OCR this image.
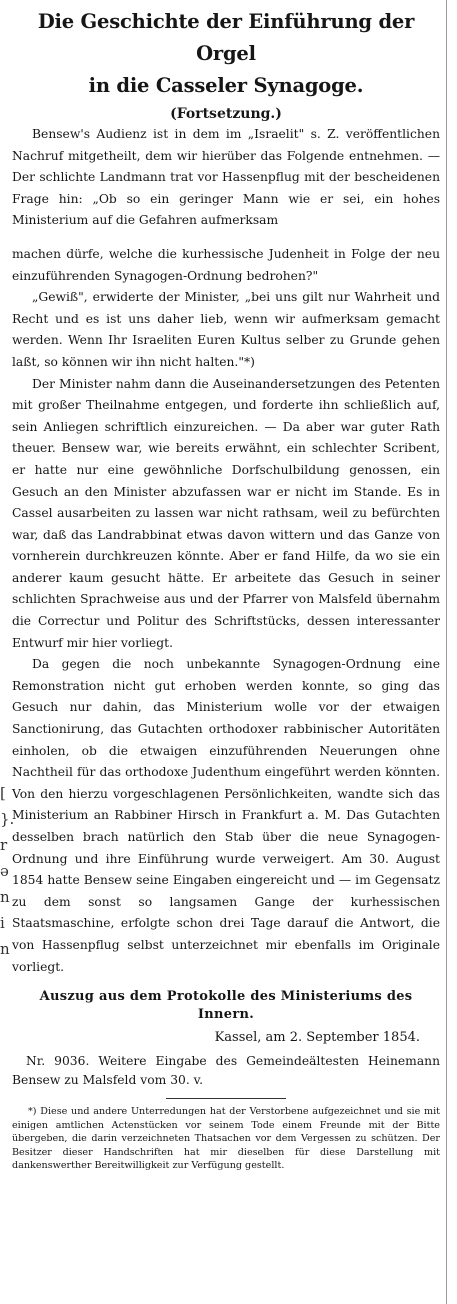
Die Geschichte der Einführung der Orgel
in die Casseler Synagoge.

(Fortsetzung.)

Bensew's Audienz ist in dem im „Israelit" s. Z. veröffentlichen Nachruf mitgetheilt, dem wir hierüber das Folgende entnehmen. — Der schlichte Landmann trat vor Hassenpflug mit der bescheidenen Frage hin: „Ob so ein geringer Mann wie er sei, ein hohes Ministerium auf die Gefahren aufmerksam

machen dürfe, welche die kurhessische Judenheit in Folge der neu einzuführenden Synagogen-Ordnung bedrohen?"

„Gewiß", erwiderte der Minister, „bei uns gilt nur Wahrheit und Recht und es ist uns daher lieb, wenn wir aufmerksam gemacht werden. Wenn Ihr Israeliten Euren Kultus selber zu Grunde gehen laßt, so können wir ihn nicht halten."*)

Der Minister nahm dann die Auseinandersetzungen des Petenten mit großer Theilnahme entgegen, und forderte ihn schließlich auf, sein Anliegen schriftlich einzureichen. — Da aber war guter Rath theuer. Bensew war, wie bereits erwähnt, ein schlechter Scribent, er hatte nur eine gewöhnliche Dorfschulbildung genossen, ein Gesuch an den Minister abzufassen war er nicht im Stande. Es in Cassel ausarbeiten zu lassen war nicht rathsam, weil zu befürchten war, daß das Landrabbinat etwas davon wittern und das Ganze von vornherein durchkreuzen könnte. Aber er fand Hilfe, da wo sie ein anderer kaum gesucht hätte. Er arbeitete das Gesuch in seiner schlichten Sprachweise aus und der Pfarrer von Malsfeld übernahm die Correctur und Politur des Schriftstücks, dessen interessanter Entwurf mir hier vorliegt.

Da gegen die noch unbekannte Synagogen-Ordnung eine Remonstration nicht gut erhoben werden konnte, so ging das Gesuch nur dahin, das Ministerium wolle vor der etwaigen Sanctionirung, das Gutachten orthodoxer rabbinischer Autoritäten einholen, ob die etwaigen einzuführenden Neuerungen ohne Nachtheil für das orthodoxe Judenthum eingeführt werden könnten. Von den hierzu vorgeschlagenen Persönlichkeiten, wandte sich das Ministerium an Rabbiner Hirsch in Frankfurt a. M. Das Gutachten desselben brach natürlich den Stab über die neue Synagogen-Ordnung und ihre Einführung wurde verweigert. Am 30. August 1854 hatte Bensew seine Eingaben eingereicht und — im Gegensatz zu dem sonst so langsamen Gange der kurhessischen Staatsmaschine, erfolgte schon drei Tage darauf die Antwort, die von Hassenpflug selbst unterzeichnet mir ebenfalls im Originale vorliegt.

Auszug aus dem Protokolle des Ministeriums des Innern.

Kassel, am 2. September 1854.

Nr. 9036. Weitere Eingabe des Gemeindeältesten Heinemann Bensew zu Malsfeld vom 30. v.

*) Diese und andere Unterredungen hat der Verstorbene aufgezeichnet und sie mit einigen amtlichen Actenstücken vor seinem Tode einem Freunde mit der Bitte übergeben, die darin verzeichneten Thatsachen vor dem Vergessen zu schützen. Der Besitzer dieser Handschriften hat mir dieselben für diese Darstellung mit dankenswerther Bereitwilligkeit zur Verfügung gestellt.

[
}.
r
ə
n
i
n
